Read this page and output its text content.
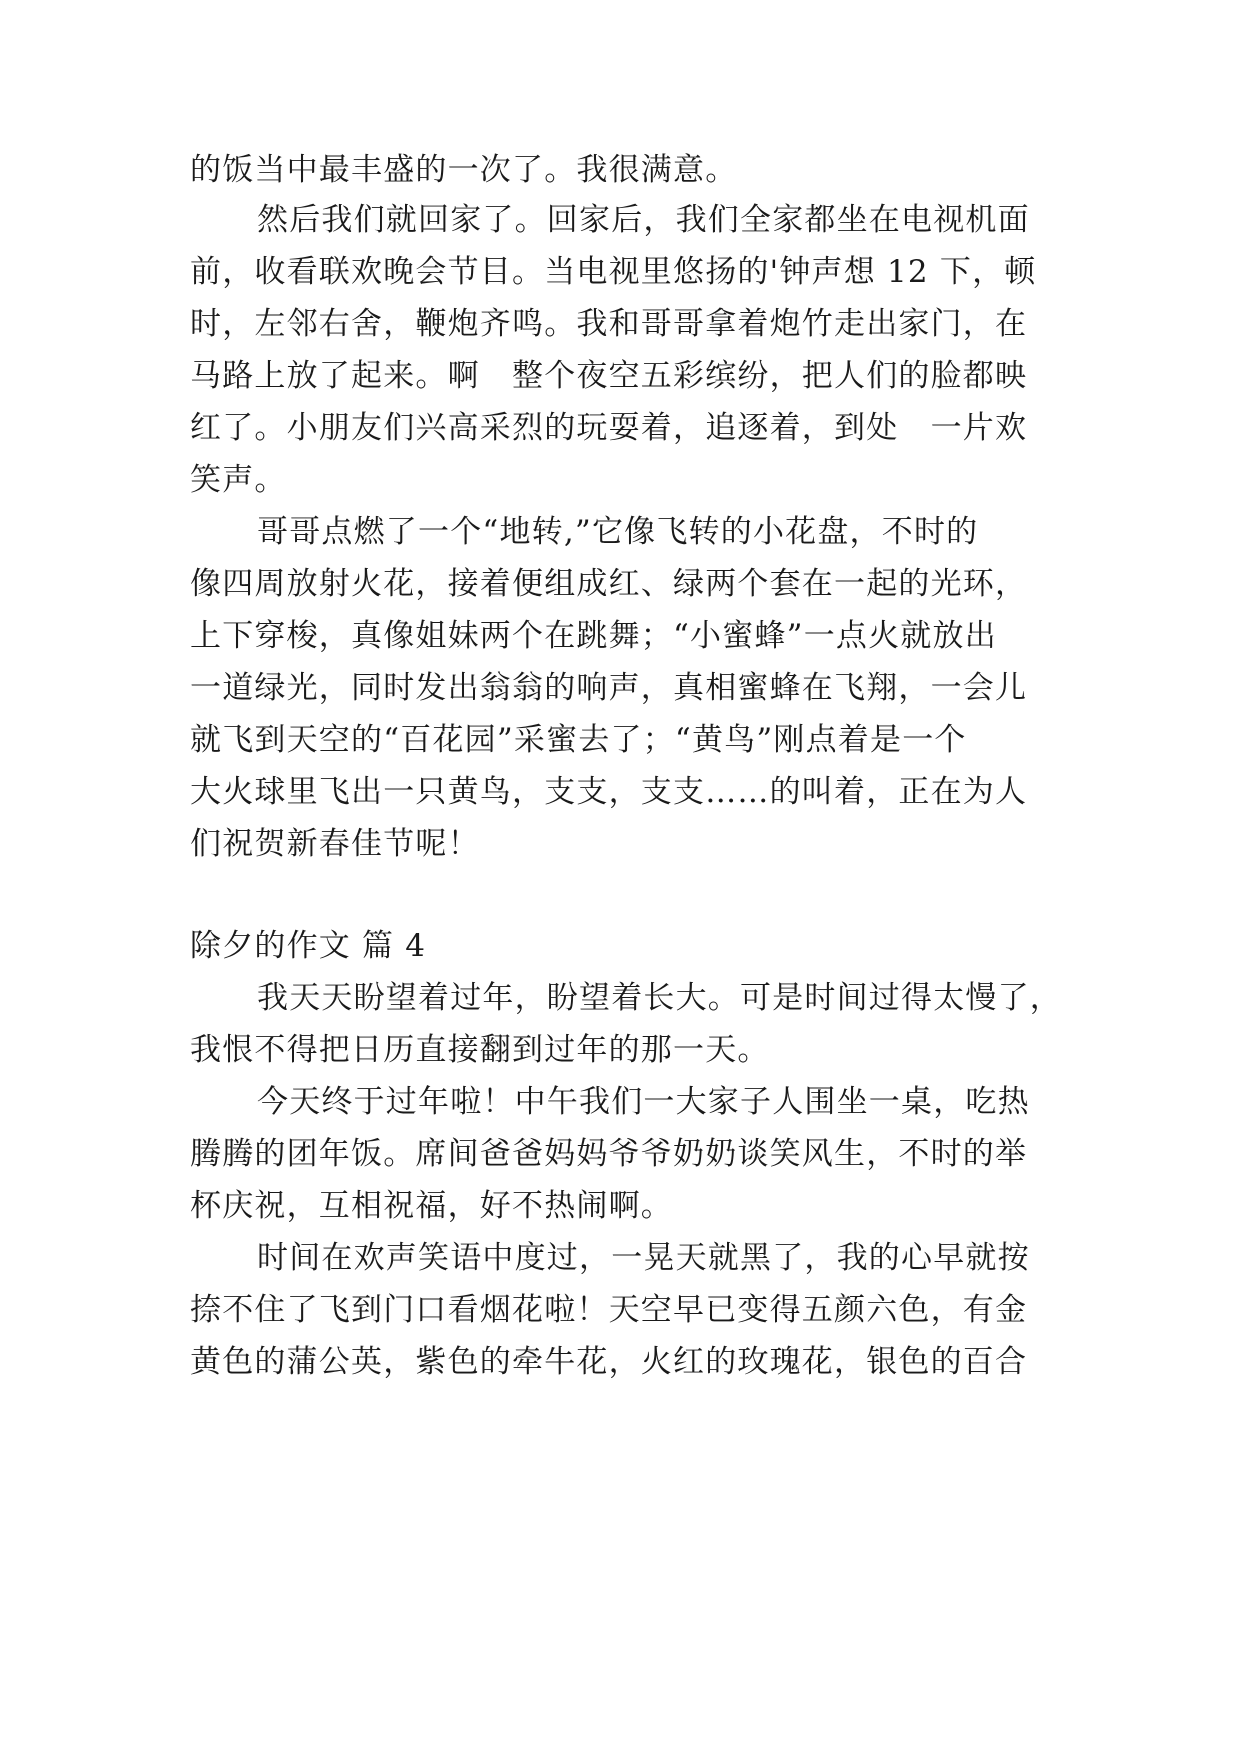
的饭当中最丰盛的一次了。我很满意。
然后我们就回家了。回家后，我们全家都坐在电视机面
前，收看联欢晚会节目。当电视里悠扬的'钟声想 12 下，顿
时，左邻右舍，鞭炮齐鸣。我和哥哥拿着炮竹走出家门，在
马路上放了起来。啊　整个夜空五彩缤纷，把人们的脸都映
红了。小朋友们兴高采烈的玩耍着，追逐着，到处　一片欢
笑声。
哥哥点燃了一个“地转,”它像飞转的小花盘，不时的
像四周放射火花，接着便组成红、绿两个套在一起的光环，
上下穿梭，真像姐妹两个在跳舞；“小蜜蜂”一点火就放出
一道绿光，同时发出翁翁的响声，真相蜜蜂在飞翔，一会儿
就飞到天空的“百花园”采蜜去了；“黄鸟”刚点着是一个
大火球里飞出一只黄鸟，支支，支支……的叫着，正在为人
们祝贺新春佳节呢！
除夕的作文 篇 4
我天天盼望着过年，盼望着长大。可是时间过得太慢了，
我恨不得把日历直接翻到过年的那一天。
今天终于过年啦！中午我们一大家子人围坐一桌，吃热
腾腾的团年饭。席间爸爸妈妈爷爷奶奶谈笑风生，不时的举
杯庆祝，互相祝福，好不热闹啊。
时间在欢声笑语中度过，一晃天就黑了，我的心早就按
捺不住了飞到门口看烟花啦！天空早已变得五颜六色，有金
黄色的蒲公英，紫色的牵牛花，火红的玫瑰花，银色的百合
